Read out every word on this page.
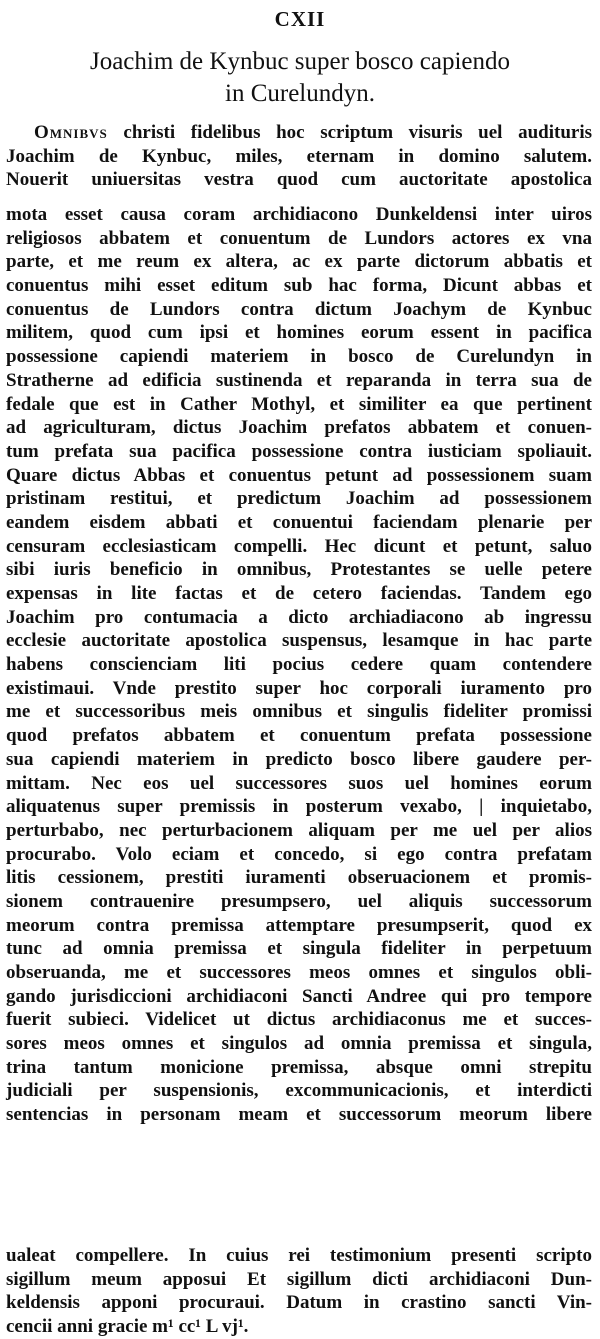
CXII
Joachim de Kynbuc super bosco capiendo
in Curelundyn.
Omnibvs christi fidelibus hoc scriptum visuris uel audituris
Joachim de Kynbuc, miles, eternam in domino salutem.
Nouerit uniuersitas vestra quod cum auctoritate apostolica
mota esset causa coram archidiacono Dunkeldensi inter uiros
religiosos abbatem et conuentum de Lundors actores ex vna
parte, et me reum ex altera, ac ex parte dictorum abbatis et
conuentus mihi esset editum sub hac forma, Dicunt abbas et
conuentus de Lundors contra dictum Joachym de Kynbuc
militem, quod cum ipsi et homines eorum essent in pacifica
possessione capiendi materiem in bosco de Curelundyn in
Stratherne ad edificia sustinenda et reparanda in terra sua de
fedale que est in Cather Mothyl, et similiter ea que pertinent
ad agriculturam, dictus Joachim prefatos abbatem et conuen-
tum prefata sua pacifica possessione contra iusticiam spoliauit.
Quare dictus Abbas et conuentus petunt ad possessionem suam
pristinam restitui, et predictum Joachim ad possessionem
eandem eisdem abbati et conuentui faciendam plenarie per
censuram ecclesiasticam compelli. Hec dicunt et petunt, saluo
sibi iuris beneficio in omnibus, Protestantes se uelle petere
expensas in lite factas et de cetero faciendas. Tandem ego
Joachim pro contumacia a dicto archiadiacono ab ingressu
ecclesie auctoritate apostolica suspensus, lesamque in hac parte
habens conscienciam liti pocius cedere quam contendere
existimaui. Vnde prestito super hoc corporali iuramento pro
me et successoribus meis omnibus et singulis fideliter promissi
quod prefatos abbatem et conuentum prefata possessione
sua capiendi materiem in predicto bosco libere gaudere per-
mittam. Nec eos uel successores suos uel homines eorum
aliquatenus super premissis in posterum vexabo, | inquietabo,
perturbabo, nec perturbacionem aliquam per me uel per alios
procurabo. Volo eciam et concedo, si ego contra prefatam
litis cessionem, prestiti iuramenti obseruacionem et promis-
sionem contrauenire presumpsero, uel aliquis successorum
meorum contra premissa attemptare presumpserit, quod ex
tunc ad omnia premissa et singula fideliter in perpetuum
obseruanda, me et successores meos omnes et singulos obli-
gando jurisdiccioni archidiaconi Sancti Andree qui pro tempore
fuerit subieci. Videlicet ut dictus archidiaconus me et succes-
sores meos omnes et singulos ad omnia premissa et singula,
trina tantum monicione premissa, absque omni strepitu
judiciali per suspensionis, excommunicacionis, et interdicti
sentencias in personam meam et successorum meorum libere
ualeat compellere. In cuius rei testimonium presenti scripto
sigillum meum apposui Et sigillum dicti archidiaconi Dun-
keldensis apponi procuraui. Datum in crastino sancti Vin-
cencii anni gracie m¹ cc¹ L vj¹.
